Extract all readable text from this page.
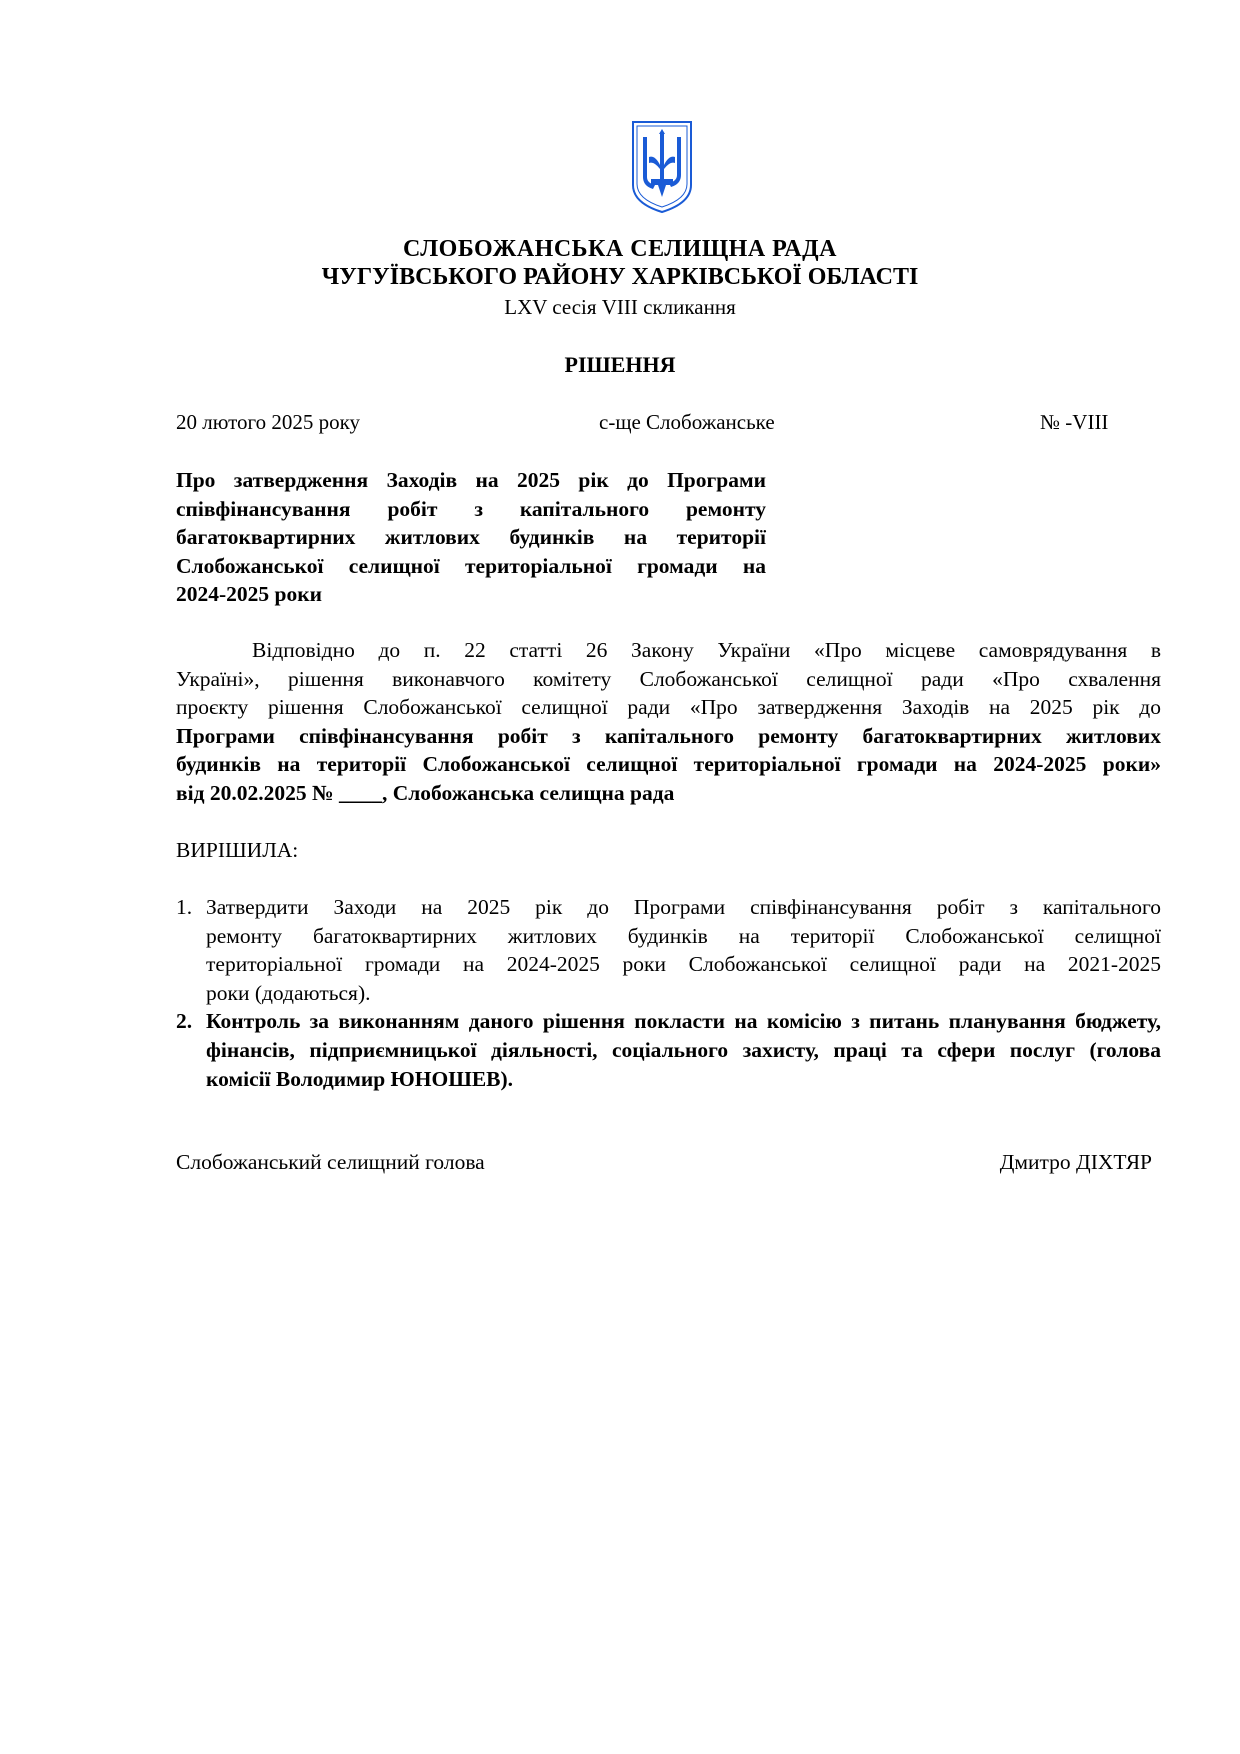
СЛОБОЖАНСЬКА СЕЛИЩНА РАДА
ЧУГУЇВСЬКОГО РАЙОНУ ХАРКІВСЬКОЇ ОБЛАСТІ
LXV сесія VIII скликання
РІШЕННЯ
20 лютого 2025 року	с-ще Слобожанське	№ -VIII
Про затвердження Заходів на 2025 рік до Програми
співфінансування робіт з капітального ремонту
багатоквартирних житлових будинків на території
Слобожанської селищної територіальної громади на
2024-2025 роки
Відповідно до п. 22 статті 26 Закону України «Про місцеве самоврядування в
Україні», рішення виконавчого комітету Слобожанської селищної ради «Про схвалення
проєкту рішення Слобожанської селищної ради «Про затвердження Заходів на 2025 рік до
Програми співфінансування робіт з капітального ремонту багатоквартирних житлових
будинків на території Слобожанської селищної територіальної громади на 2024-2025 роки»
від 20.02.2025 № ____, Слобожанська селищна рада
ВИРІШИЛА:
1. Затвердити Заходи на 2025 рік до Програми співфінансування робіт з капітального
ремонту багатоквартирних житлових будинків на території Слобожанської селищної
територіальної громади на 2024-2025 роки Слобожанської селищної ради на 2021-2025
роки (додаються).
2. Контроль за виконанням даного рішення покласти на комісію з питань планування бюджету,
фінансів, підприємницької діяльності, соціального захисту, праці та сфери послуг (голова
комісії Володимир ЮНОШЕВ).
Слобожанський селищний голова	Дмитро ДІХТЯР
